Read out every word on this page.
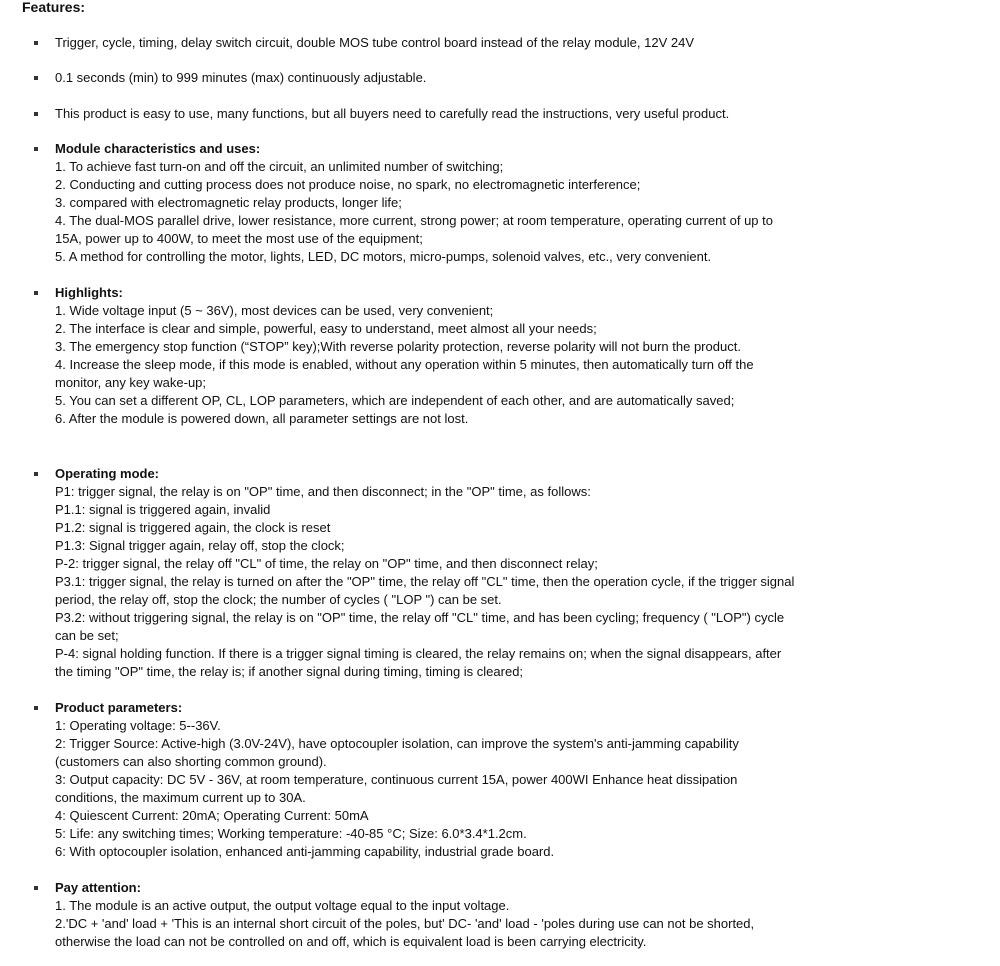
Features:
Trigger, cycle, timing, delay switch circuit, double MOS tube control board instead of the relay module, 12V 24V
0.1 seconds (min) to 999 minutes (max) continuously adjustable.
This product is easy to use, many functions, but all buyers need to carefully read the instructions, very useful product.
Module characteristics and uses:
1. To achieve fast turn-on and off the circuit, an unlimited number of switching;
2. Conducting and cutting process does not produce noise, no spark, no electromagnetic interference;
3. compared with electromagnetic relay products, longer life;
4. The dual-MOS parallel drive, lower resistance, more current, strong power; at room temperature, operating current of up to
15A, power up to 400W, to meet the most use of the equipment;
5. A method for controlling the motor, lights, LED, DC motors, micro-pumps, solenoid valves, etc., very convenient.
Highlights:
1. Wide voltage input (5 ~ 36V), most devices can be used, very convenient;
2. The interface is clear and simple, powerful, easy to understand, meet almost all your needs;
3. The emergency stop function (“STOP” key);With reverse polarity protection, reverse polarity will not burn the product.
4. Increase the sleep mode, if this mode is enabled, without any operation within 5 minutes, then automatically turn off the
monitor, any key wake-up;
5. You can set a different OP, CL, LOP parameters, which are independent of each other, and are automatically saved;
6. After the module is powered down, all parameter settings are not lost.
Operating mode:
P1: trigger signal, the relay is on "OP" time, and then disconnect; in the "OP" time, as follows:
P1.1: signal is triggered again, invalid
P1.2: signal is triggered again, the clock is reset
P1.3: Signal trigger again, relay off, stop the clock;
P-2: trigger signal, the relay off "CL" of time, the relay on "OP" time, and then disconnect relay;
P3.1: trigger signal, the relay is turned on after the "OP" time, the relay off "CL" time, then the operation cycle, if the trigger signal
period, the relay off, stop the clock; the number of cycles ( "LOP ") can be set.
P3.2: without triggering signal, the relay is on "OP" time, the relay off "CL" time, and has been cycling; frequency ( "LOP") cycle
can be set;
P-4: signal holding function. If there is a trigger signal timing is cleared, the relay remains on; when the signal disappears, after
the timing "OP" time, the relay is; if another signal during timing, timing is cleared;
Product parameters:
1: Operating voltage: 5--36V.
2: Trigger Source: Active-high (3.0V-24V), have optocoupler isolation, can improve the system's anti-jamming capability
(customers can also shorting common ground).
3: Output capacity: DC 5V - 36V, at room temperature, continuous current 15A, power 400WI Enhance heat dissipation
conditions, the maximum current up to 30A.
4: Quiescent Current: 20mA; Operating Current: 50mA
5: Life: any switching times; Working temperature: -40-85 °C; Size: 6.0*3.4*1.2cm.
6: With optocoupler isolation, enhanced anti-jamming capability, industrial grade board.
Pay attention:
1. The module is an active output, the output voltage equal to the input voltage.
2.'DC + 'and' load + 'This is an internal short circuit of the poles, but' DC- 'and' load - 'poles during use can not be shorted,
otherwise the load can not be controlled on and off, which is equivalent load is been carrying electricity.
